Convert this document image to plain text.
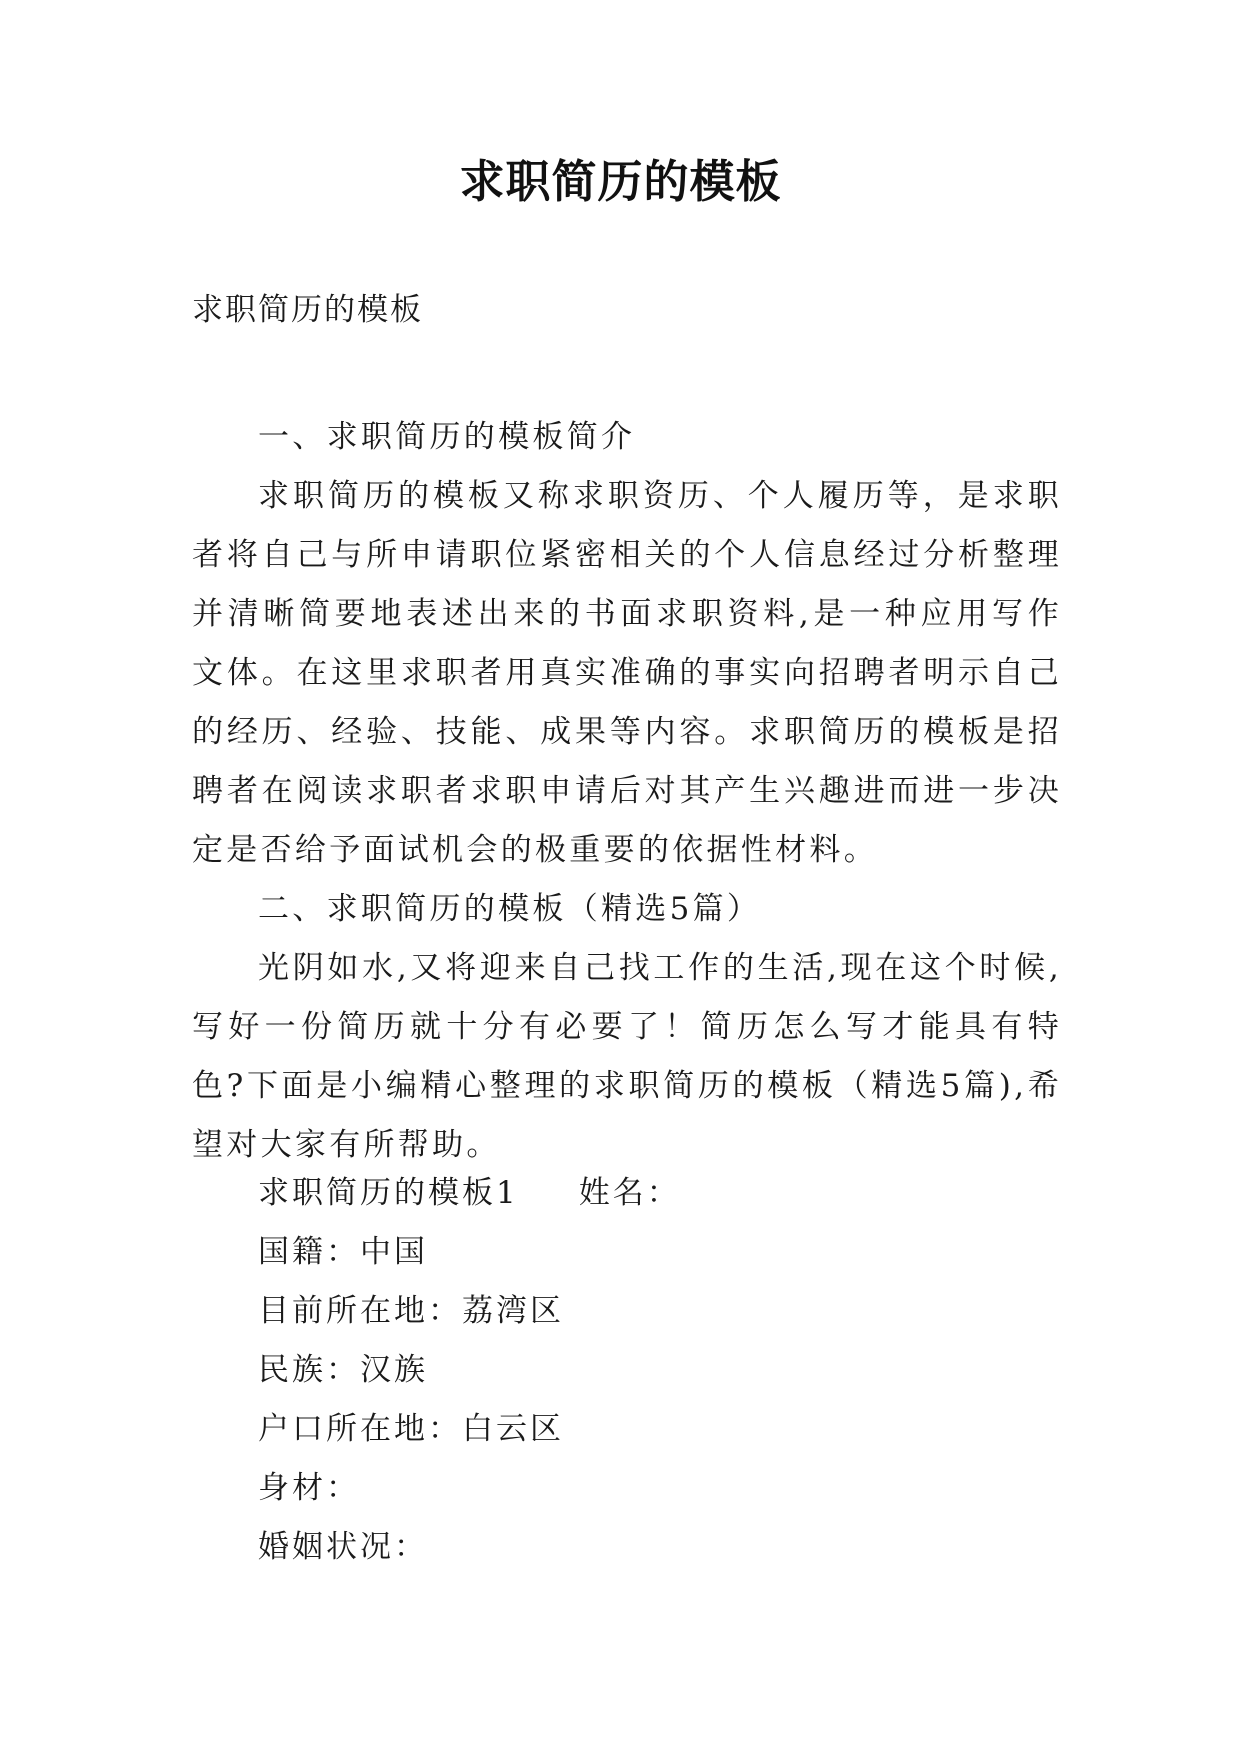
求职简历的模板
求职简历的模板

一、求职简历的模板简介

求职简历的模板又称求职资历、个人履历等，是求职者将自己与所申请职位紧密相关的个人信息经过分析整理并清晰简要地表述出来的书面求职资料,是一种应用写作文体。在这里求职者用真实准确的事实向招聘者明示自己的经历、经验、技能、成果等内容。求职简历的模板是招聘者在阅读求职者求职申请后对其产生兴趣进而进一步决定是否给予面试机会的极重要的依据性材料。

二、求职简历的模板（精选5篇）

光阴如水,又将迎来自己找工作的生活,现在这个时候,写好一份简历就十分有必要了！简历怎么写才能具有特色?下面是小编精心整理的求职简历的模板（精选5篇),希望对大家有所帮助。

求职简历的模板1 姓名：
国籍：中国
目前所在地：荔湾区
民族：汉族
户口所在地：白云区
身材：
婚姻状况：
